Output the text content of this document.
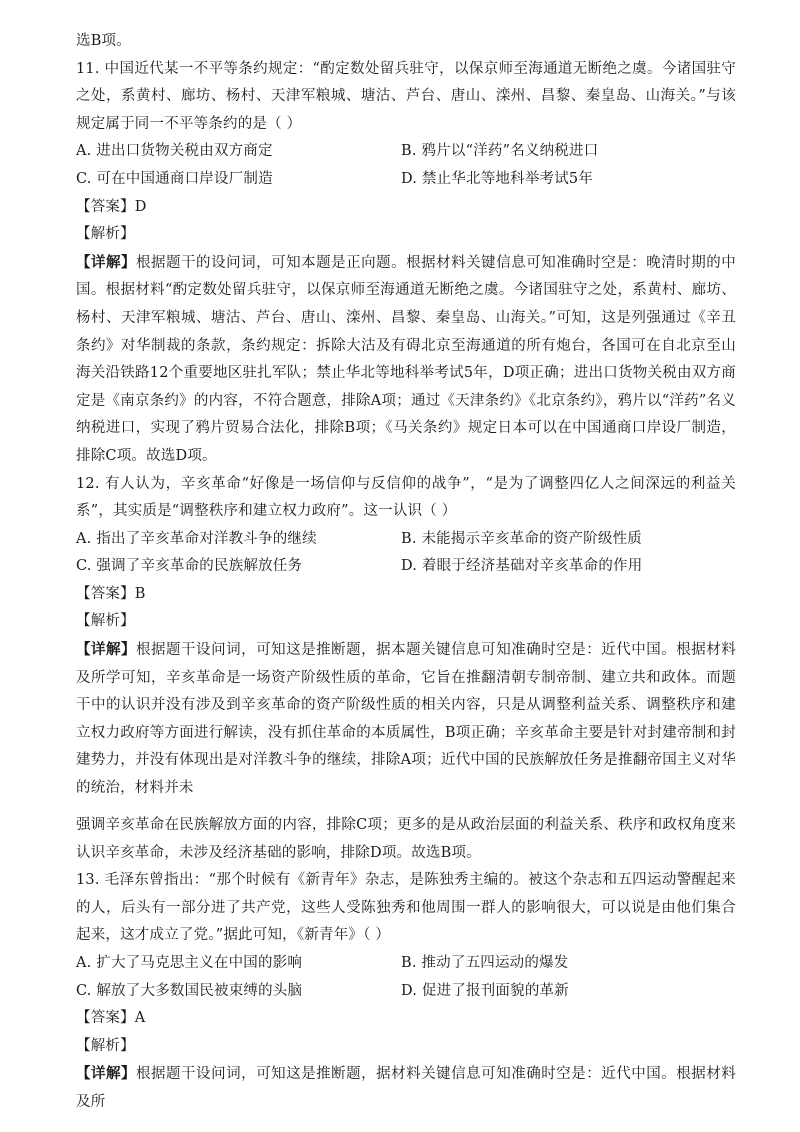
选B项。

11. 中国近代某一不平等条约规定：“酌定数处留兵驻守，以保京师至海通道无断绝之虞。今诸国驻守之处，系黄村、廊坊、杨村、天津军粮城、塘沽、芦台、唐山、滦州、昌黎、秦皇岛、山海关。”与该规定属于同一不平等条约的是（ ）

A. 进出口货物关税由双方商定	B. 鸦片以“洋药”名义纳税进口
C. 可在中国通商口岸设厂制造	D. 禁止华北等地科举考试5年

【答案】D

【解析】

【详解】根据题干的设问词，可知本题是正向题。根据材料关键信息可知准确时空是：晚清时期的中国。根据材料“酌定数处留兵驻守，以保京师至海通道无断绝之虞。今诸国驻守之处，系黄村、廊坊、杨村、天津军粮城、塘沽、芦台、唐山、滦州、昌黎、秦皇岛、山海关。”可知，这是列强通过《辛丑条约》对华制裁的条款，条约规定：拆除大沽及有碍北京至海通道的所有炮台，各国可在自北京至山海关沿铁路12个重要地区驻扎军队；禁止华北等地科举考试5年，D项正确；进出口货物关税由双方商定是《南京条约》的内容，不符合题意，排除A项；通过《天津条约》《北京条约》，鸦片以“洋药”名义纳税进口，实现了鸦片贸易合法化，排除B项；《马关条约》规定日本可以在中国通商口岸设厂制造，排除C项。故选D项。

12. 有人认为，辛亥革命“好像是一场信仰与反信仰的战争”，“是为了调整四亿人之间深远的利益关系”，其实质是“调整秩序和建立权力政府”。这一认识（ ）

A. 指出了辛亥革命对洋教斗争的继续	B. 未能揭示辛亥革命的资产阶级性质
C. 强调了辛亥革命的民族解放任务	D. 着眼于经济基础对辛亥革命的作用

【答案】B

【解析】

【详解】根据题干设问词，可知这是推断题，据本题关键信息可知准确时空是：近代中国。根据材料及所学可知，辛亥革命是一场资产阶级性质的革命，它旨在推翻清朝专制帝制、建立共和政体。而题干中的认识并没有涉及到辛亥革命的资产阶级性质的相关内容，只是从调整利益关系、调整秩序和建立权力政府等方面进行解读，没有抓住革命的本质属性，B项正确；辛亥革命主要是针对封建帝制和封建势力，并没有体现出是对洋教斗争的继续，排除A项；近代中国的民族解放任务是推翻帝国主义对华的统治，材料并未

强调辛亥革命在民族解放方面的内容，排除C项；更多的是从政治层面的利益关系、秩序和政权角度来认识辛亥革命，未涉及经济基础的影响，排除D项。故选B项。

13. 毛泽东曾指出：“那个时候有《新青年》杂志，是陈独秀主编的。被这个杂志和五四运动警醒起来的人，后头有一部分进了共产党，这些人受陈独秀和他周围一群人的影响很大，可以说是由他们集合起来，这才成立了党。”据此可知，《新青年》（ ）

A. 扩大了马克思主义在中国的影响	B. 推动了五四运动的爆发
C. 解放了大多数国民被束缚的头脑	D. 促进了报刊面貌的革新

【答案】A

【解析】

【详解】根据题干设问词，可知这是推断题，据材料关键信息可知准确时空是：近代中国。根据材料及所
